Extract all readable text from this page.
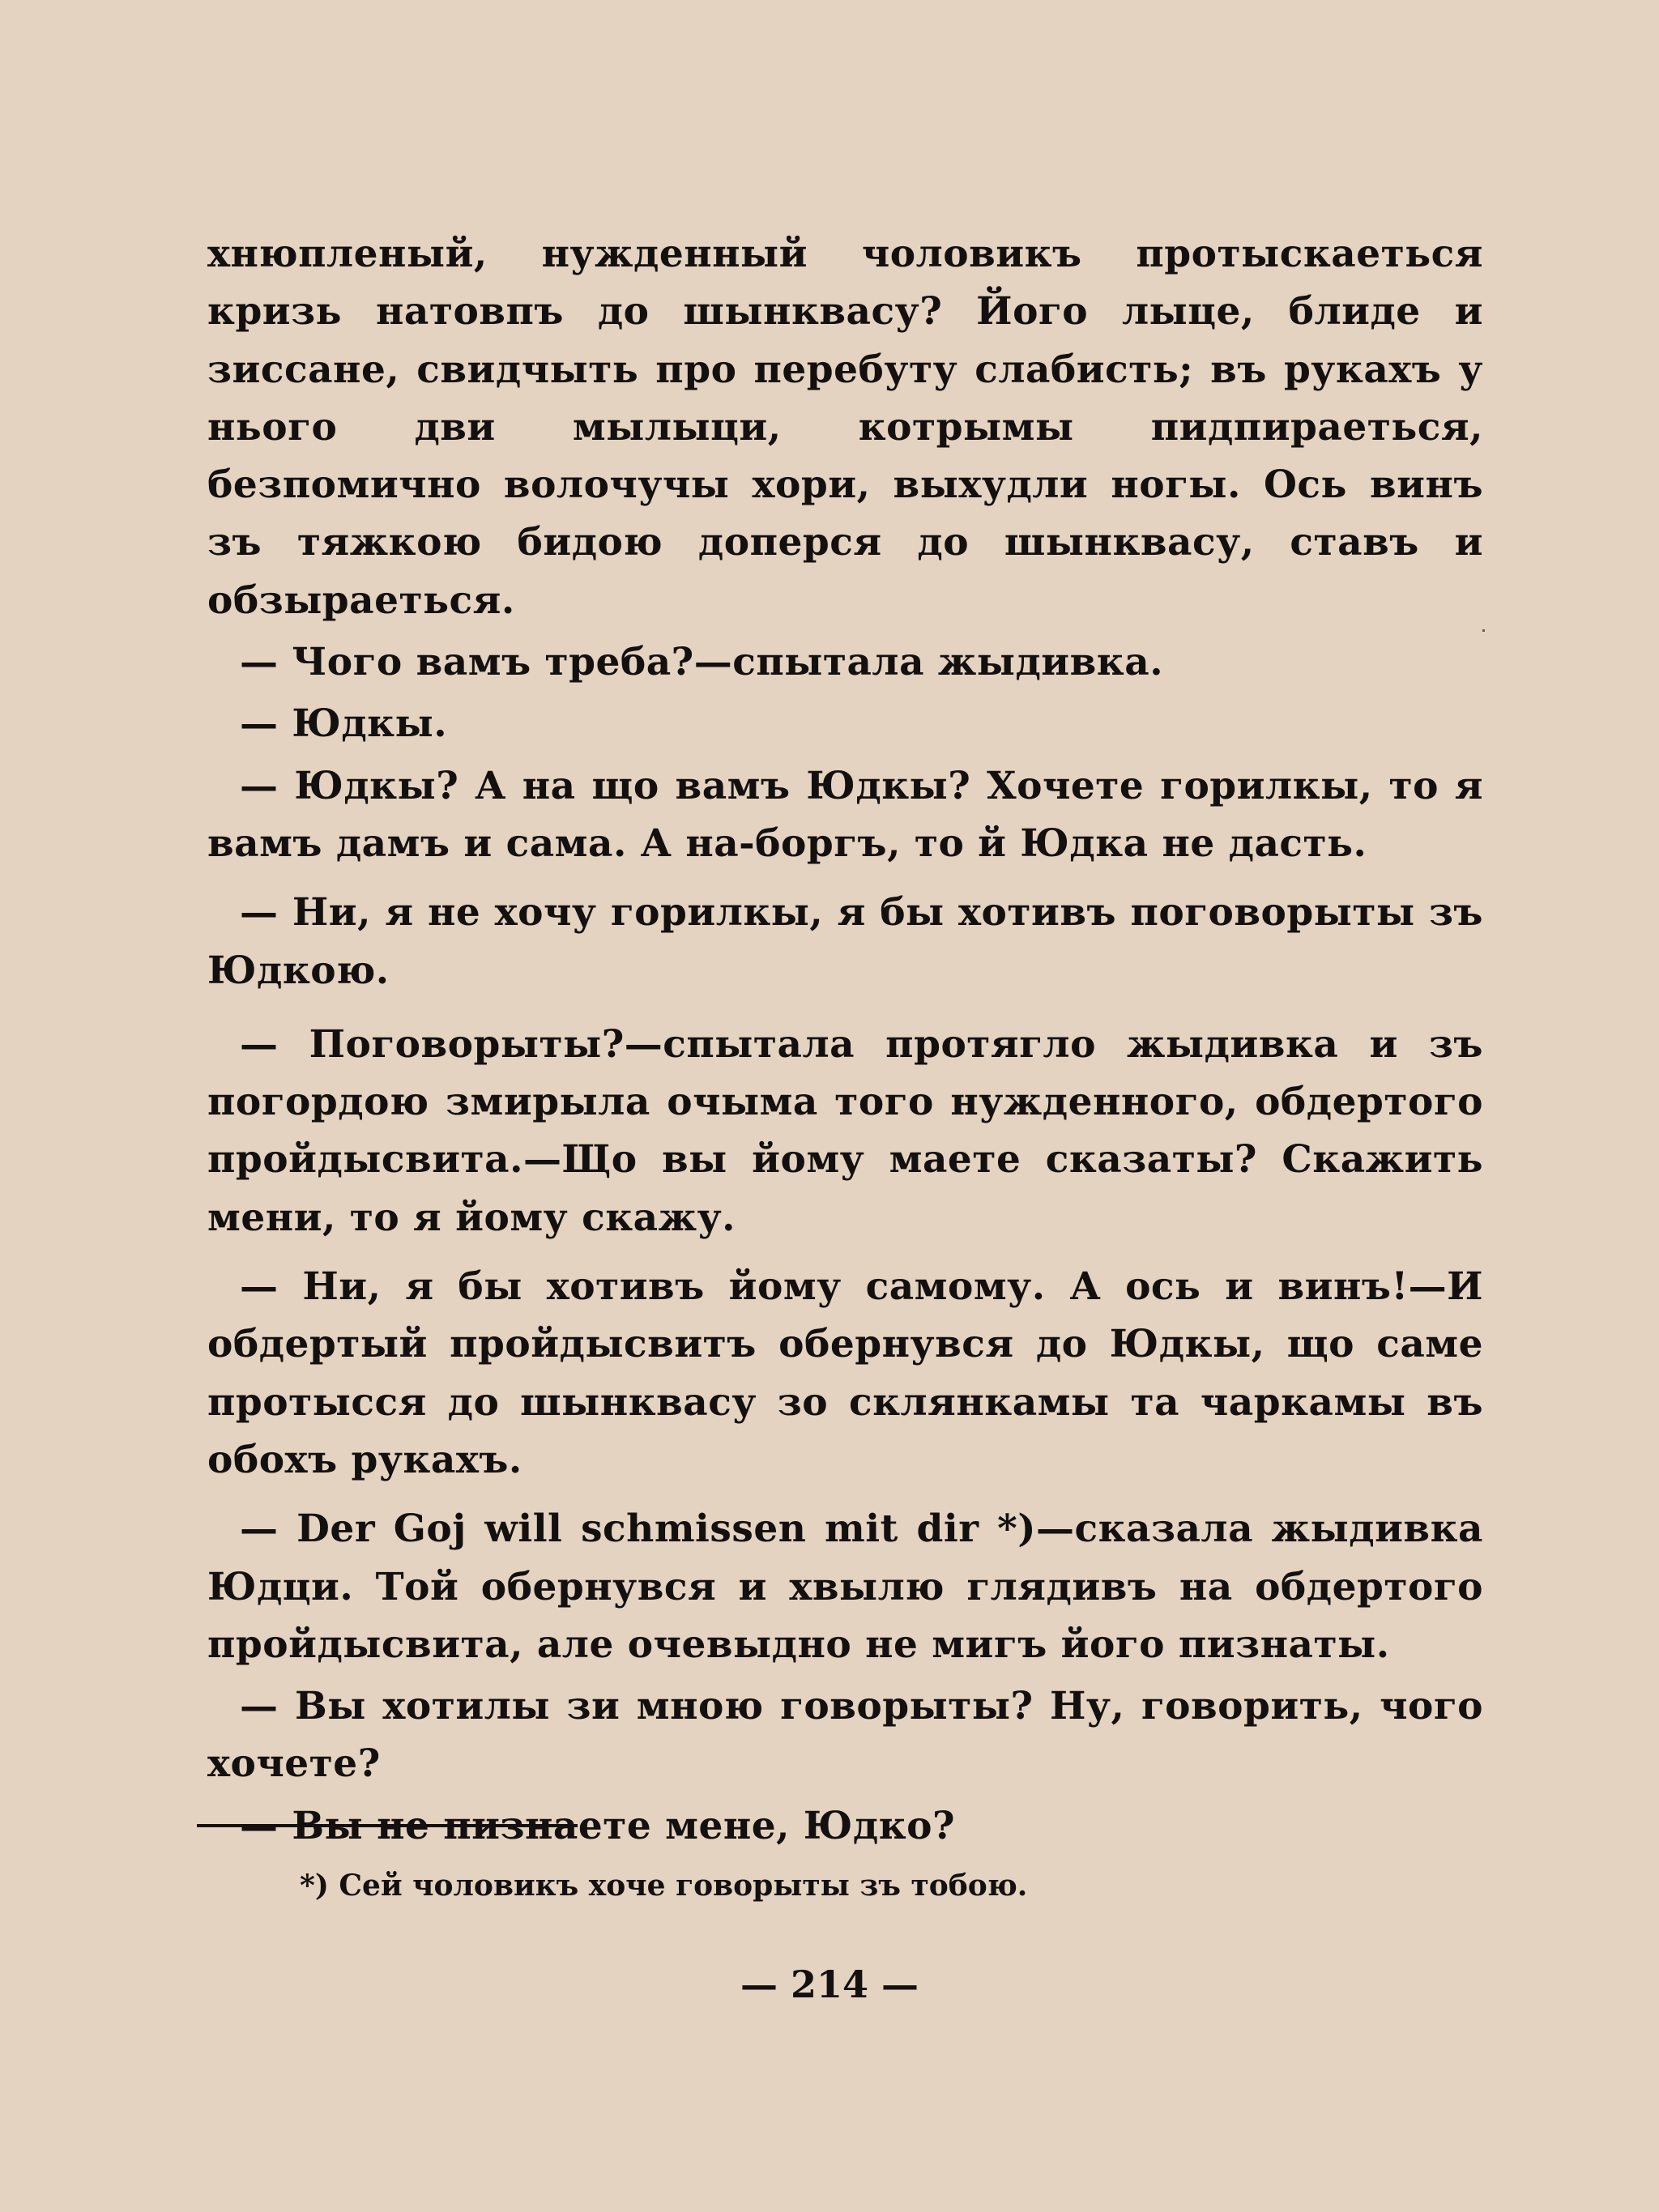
хнюпленый, нужденный чоловикъ протыскаеться кризь натовпъ до шынквасу? Його лыце, блиде и зиссане, свидчыть про перебуту слабисть; въ рукахъ у нього дви мылыци, котрымы пидпираеться, безпомично волочучы хори, выхудли ногы. Ось винъ зъ тяжкою бидою доперся до шынквасу, ставъ и обзыраеться.

— Чого вамъ треба?—спытала жыдивка.

— Юдкы.

— Юдкы? А на що вамъ Юдкы? Хочете горилкы, то я вамъ дамъ и сама. А на-боргъ, то й Юдка не дасть.

— Ни, я не хочу горилкы, я бы хотивъ поговорыты зъ Юдкою.

— Поговорыты?—спытала протягло жыдивка и зъ погордою змирыла очыма того нужденного, обдертого пройдысвита.—Що вы йому маете сказаты? Скажить мени, то я йому скажу.

— Ни, я бы хотивъ йому самому. А ось и винъ!—И обдертый пройдысвитъ обернувся до Юдкы, що саме протысся до шынквасу зо склянкамы та чаркамы въ обохъ рукахъ.

— Der Goj will schmissen mit dir *)—сказала жыдивка Юдци. Той обернувся и хвылю глядивъ на обдертого пройдысвита, але очевыдно не мигъ його пизнаты.

— Вы хотилы зи мною говорыты? Ну, говорить, чого хочете?

— Вы не пизнаете мене, Юдко?

*) Сей чоловикъ хоче говорыты зъ тобою.

— 214 —
